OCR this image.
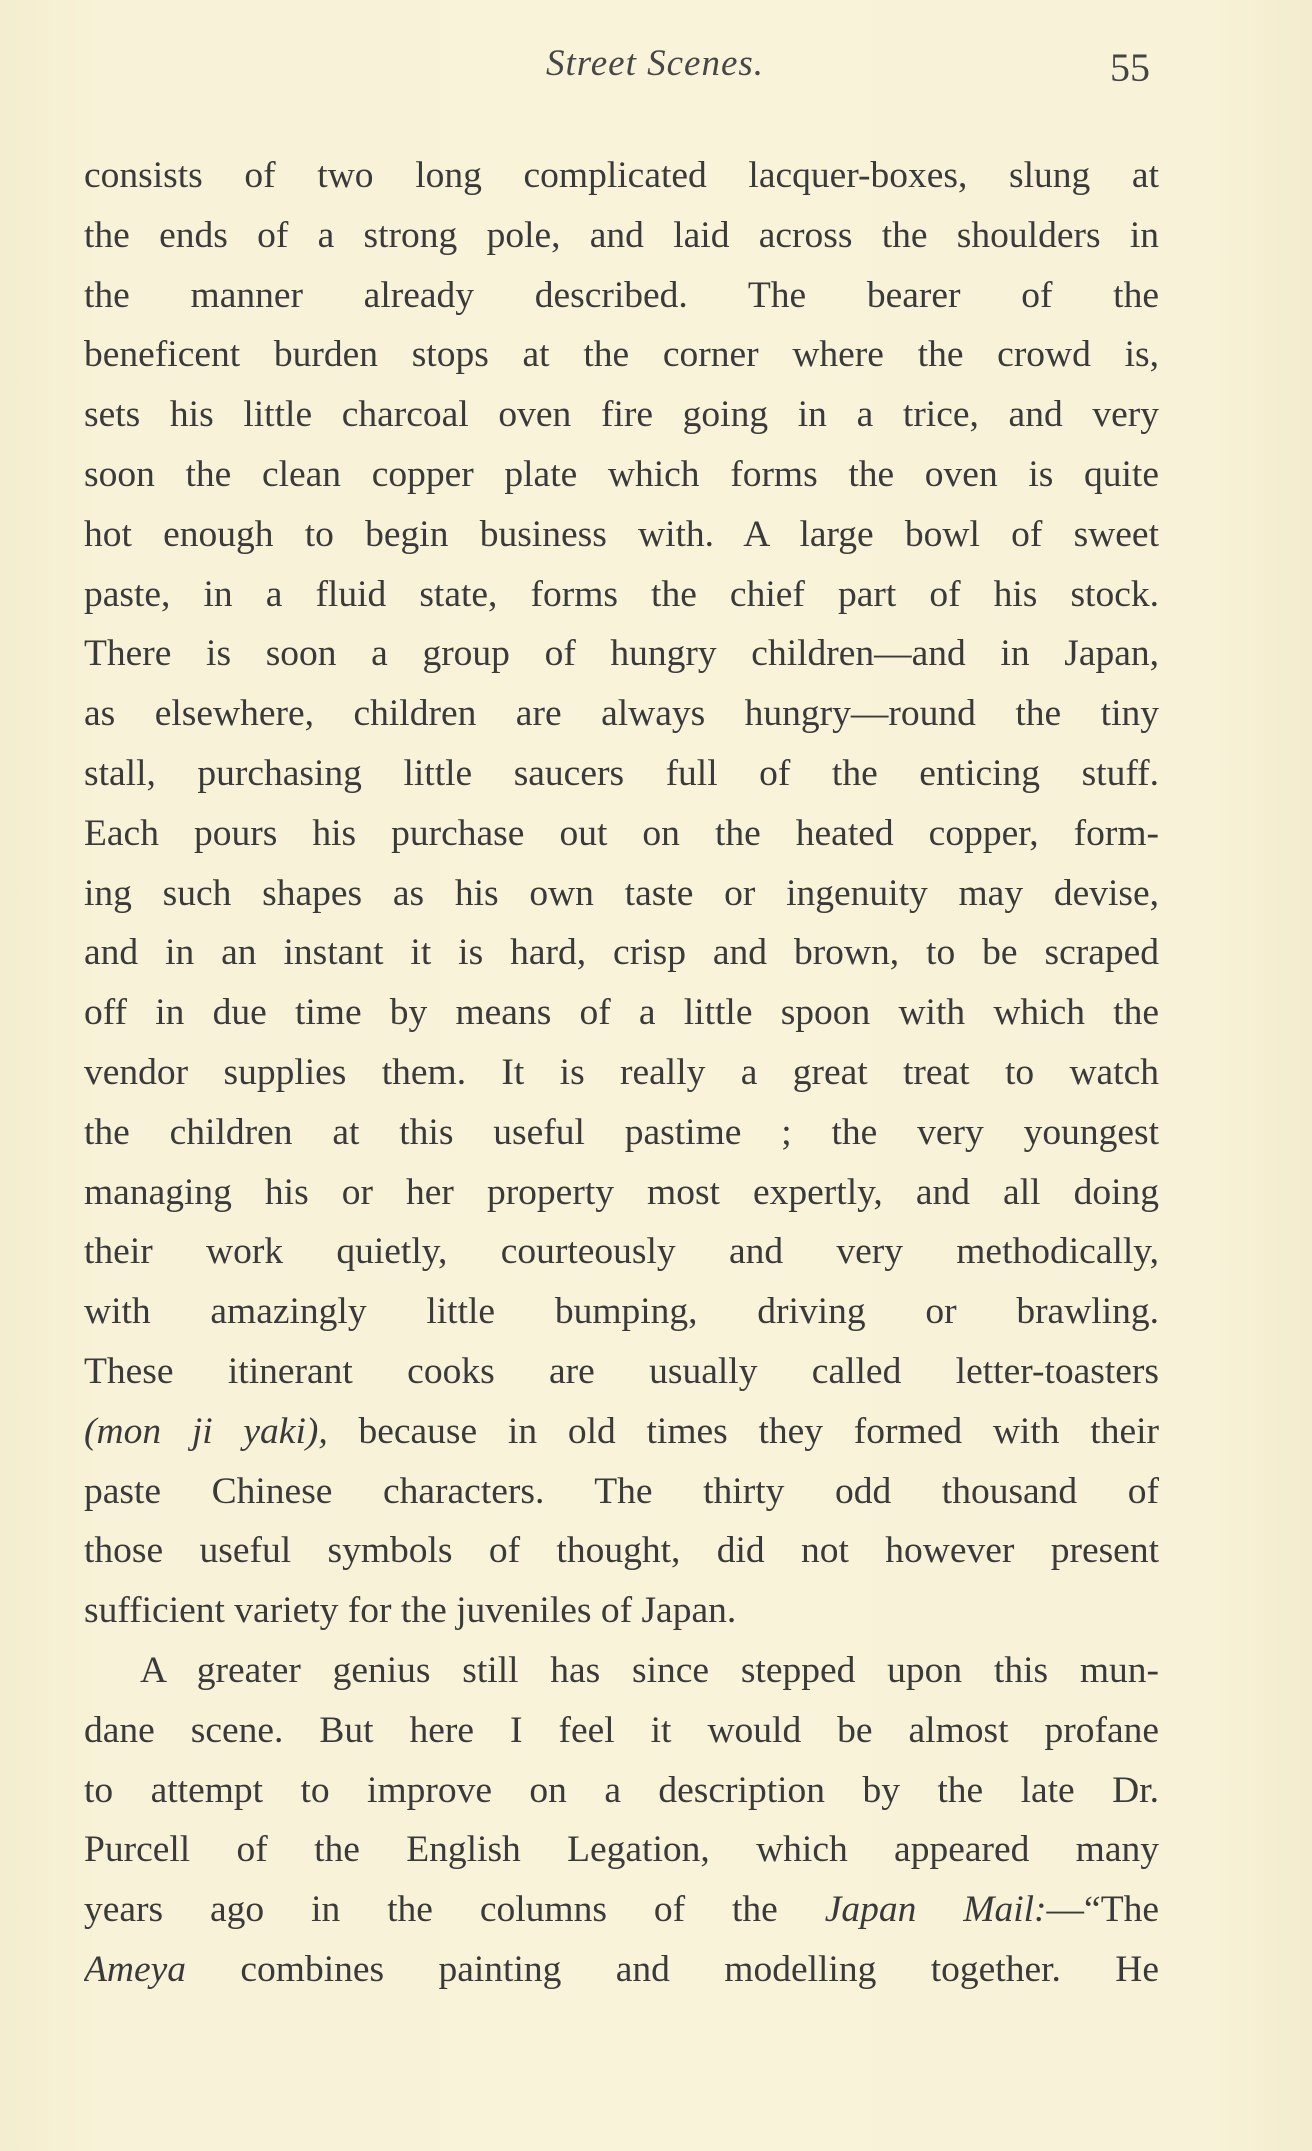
Street Scenes.	55
consists of two long complicated lacquer-boxes, slung at
the ends of a strong pole, and laid across the shoulders in
the manner already described. The bearer of the
beneficent burden stops at the corner where the crowd is,
sets his little charcoal oven fire going in a trice, and very
soon the clean copper plate which forms the oven is quite
hot enough to begin business with. A large bowl of sweet
paste, in a fluid state, forms the chief part of his stock.
There is soon a group of hungry children—and in Japan,
as elsewhere, children are always hungry—round the tiny
stall, purchasing little saucers full of the enticing stuff.
Each pours his purchase out on the heated copper, form-
ing such shapes as his own taste or ingenuity may devise,
and in an instant it is hard, crisp and brown, to be scraped
off in due time by means of a little spoon with which the
vendor supplies them. It is really a great treat to watch
the children at this useful pastime ; the very youngest
managing his or her property most expertly, and all doing
their work quietly, courteously and very methodically,
with amazingly little bumping, driving or brawling.
These itinerant cooks are usually called letter-toasters
(mon ji yaki), because in old times they formed with their
paste Chinese characters. The thirty odd thousand of
those useful symbols of thought, did not however present
sufficient variety for the juveniles of Japan.
A greater genius still has since stepped upon this mun-
dane scene. But here I feel it would be almost profane
to attempt to improve on a description by the late Dr.
Purcell of the English Legation, which appeared many
years ago in the columns of the Japan Mail:—“The
Ameya combines painting and modelling together. He
